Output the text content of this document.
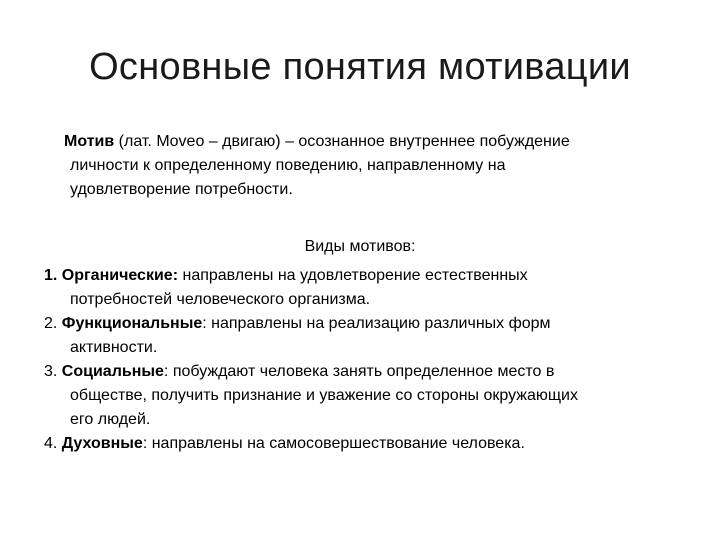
Основные понятия мотивации
Мотив (лат. Moveo – двигаю) – осознанное внутреннее побуждение
личности к определенному поведению, направленному на
удовлетворение потребности.
Виды мотивов:
1. Органические: направлены на удовлетворение естественных
потребностей человеческого организма.
2. Функциональные: направлены на реализацию различных форм
активности.
3. Социальные: побуждают человека занять определенное место в
обществе, получить признание и уважение со стороны окружающих
его людей.
4. Духовные: направлены на самосовершествование человека.
